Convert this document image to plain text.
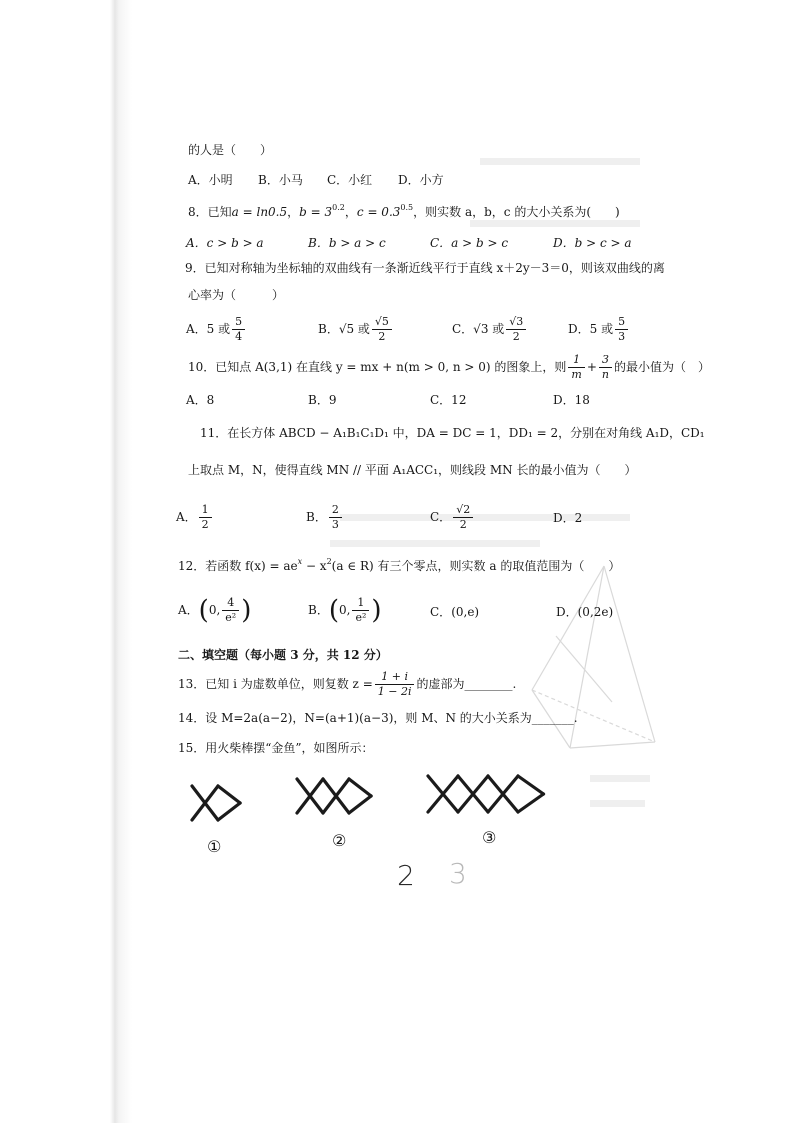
的人是（　　）
A．小明 B．小马 C．小红 D．小方
8．已知a = ln0.5，$b = 3^{0.2}$，$c = 0.3^{0.5}$，则实数 a，b，c 的大小关系为(　　)
A．c > b > a	B．b > a > c	C．a > b > c	D．b > c > a
9．已知对称轴为坐标轴的双曲线有一条渐近线平行于直线 x＋2y－3＝0，则该双曲线的离
心率为（　　　）
A．5 或 $\frac{5}{4}$	B．√5 或 $\frac{√5}{2}$	C．√3 或 $\frac{√3}{2}$	D．5 或 $\frac{5}{3}$
10．已知点 A(3,1) 在直线 y = mx + n(m > 0, n > 0) 的图象上，则 $\frac{1}{m} + \frac{3}{n}$ 的最小值为（　）
A．8	B．9	C．12	D．18
11．在长方体 ABCD − A₁B₁C₁D₁ 中，DA = DC = 1，DD₁ = 2，分别在对角线 A₁D，CD₁
上取点 M，N，使得直线 MN // 平面 A₁ACC₁，则线段 MN 长的最小值为（　　）
A． $\frac{1}{2}$	B． $\frac{2}{3}$	C． $\frac{√2}{2}$	D．2
12．若函数 $f(x) = ae^x - x^2(a$ ∈ R) 有三个零点，则实数 a 的取值范围为（　　）
A．(0, $\frac{4}{\text{e²}}$ )	B．(0, $\frac{1}{\text{e²}}$ )	C．(0,e)	D．(0,2e)
二、填空题（每小题 3 分，共 12 分）
13．已知 i 为虚数单位，则复数 $z = \frac{1 + i}{1 - 2i}$ 的虚部为________.
14．设 M=2a(a−2)，N=(a+1)(a−3)，则 M、N 的大小关系为_______.
15．用火柴棒摆“金鱼”，如图所示：
①	②	③
2 3
